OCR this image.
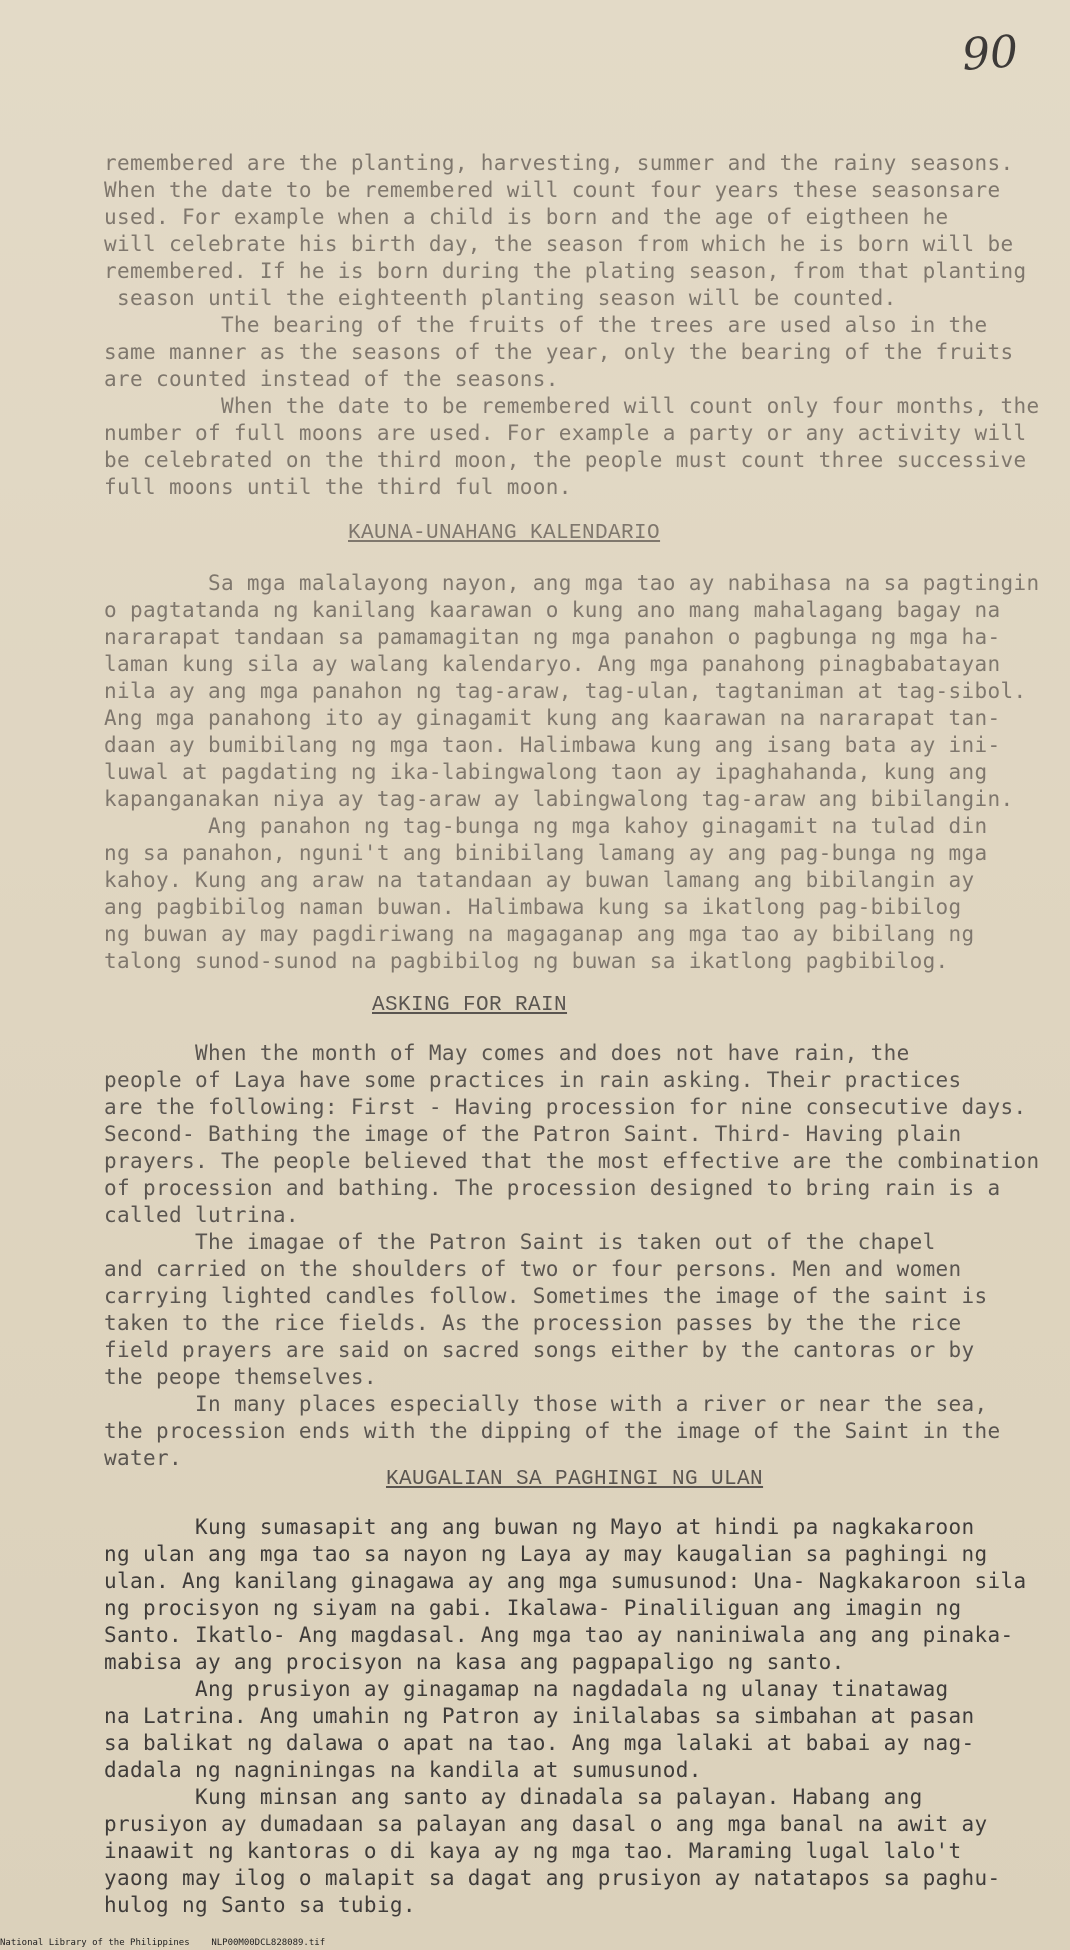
90
remembered are the planting, harvesting, summer and the rainy seasons.
When the date to be remembered will count four years these seasonsare
used. For example when a child is born and the age of eigtheen he
will celebrate his birth day, the season from which he is born will be
remembered. If he is born during the plating season, from that planting
season until the eighteenth planting season will be counted.
The bearing of the fruits of the trees are used also in the
same manner as the seasons of the year, only the bearing of the fruits
are counted instead of the seasons.
When the date to be remembered will count only four months, the
number of full moons are used. For example a party or any activity will
be celebrated on the third moon, the people must count three successive
full moons until the third ful moon.
KAUNA-UNAHANG KALENDARIO
Sa mga malalayong nayon, ang mga tao ay nabihasa na sa pagtingin
o pagtatanda ng kanilang kaarawan o kung ano mang mahalagang bagay na
nararapat tandaan sa pamamagitan ng mga panahon o pagbunga ng mga ha-
laman kung sila ay walang kalendaryo. Ang mga panahong pinagbabatayan
nila ay ang mga panahon ng tag-araw, tag-ulan, tagtaniman at tag-sibol.
Ang mga panahong ito ay ginagamit kung ang kaarawan na nararapat tan-
daan ay bumibilang ng mga taon. Halimbawa kung ang isang bata ay ini-
luwal at pagdating ng ika-labingwalong taon ay ipaghahanda, kung ang
kapanganakan niya ay tag-araw ay labingwalong tag-araw ang bibilangin.
Ang panahon ng tag-bunga ng mga kahoy ginagamit na tulad din
ng sa panahon, nguni't ang binibilang lamang ay ang pag-bunga ng mga
kahoy. Kung ang araw na tatandaan ay buwan lamang ang bibilangin ay
ang pagbibilog naman buwan. Halimbawa kung sa ikatlong pag-bibilog
ng buwan ay may pagdiriwang na magaganap ang mga tao ay bibilang ng
talong sunod-sunod na pagbibilog ng buwan sa ikatlong pagbibilog.
ASKING FOR RAIN
When the month of May comes and does not have rain, the
people of Laya have some practices in rain asking. Their practices
are the following: First - Having procession for nine consecutive days.
Second- Bathing the image of the Patron Saint. Third- Having plain
prayers. The people believed that the most effective are the combination
of procession and bathing. The procession designed to bring rain is a
called lutrina.
The imagae of the Patron Saint is taken out of the chapel
and carried on the shoulders of two or four persons. Men and women
carrying lighted candles follow. Sometimes the image of the saint is
taken to the rice fields. As the procession passes by the the rice
field prayers are said on sacred songs either by the cantoras or by
the peope themselves.
In many places especially those with a river or near the sea,
the procession ends with the dipping of the image of the Saint in the
water.
KAUGALIAN SA PAGHINGI NG ULAN
Kung sumasapit ang ang buwan ng Mayo at hindi pa nagkakaroon
ng ulan ang mga tao sa nayon ng Laya ay may kaugalian sa paghingi ng
ulan. Ang kanilang ginagawa ay ang mga sumusunod: Una- Nagkakaroon sila
ng procisyon ng siyam na gabi. Ikalawa- Pinaliliguan ang imagin ng
Santo. Ikatlo- Ang magdasal. Ang mga tao ay naniniwala ang ang pinaka-
mabisa ay ang procisyon na kasa ang pagpapaligo ng santo.
Ang prusiyon ay ginagamap na nagdadala ng ulanay tinatawag
na Latrina. Ang umahin ng Patron ay inilalabas sa simbahan at pasan
sa balikat ng dalawa o apat na tao. Ang mga lalaki at babai ay nag-
dadala ng nagniningas na kandila at sumusunod.
Kung minsan ang santo ay dinadala sa palayan. Habang ang
prusiyon ay dumadaan sa palayan ang dasal o ang mga banal na awit ay
inaawit ng kantoras o di kaya ay ng mga tao. Maraming lugal lalo't
yaong may ilog o malapit sa dagat ang prusiyon ay natatapos sa paghu-
hulog ng Santo sa tubig.
National Library of the Philippines    NLP00M00DCL828089.tif
